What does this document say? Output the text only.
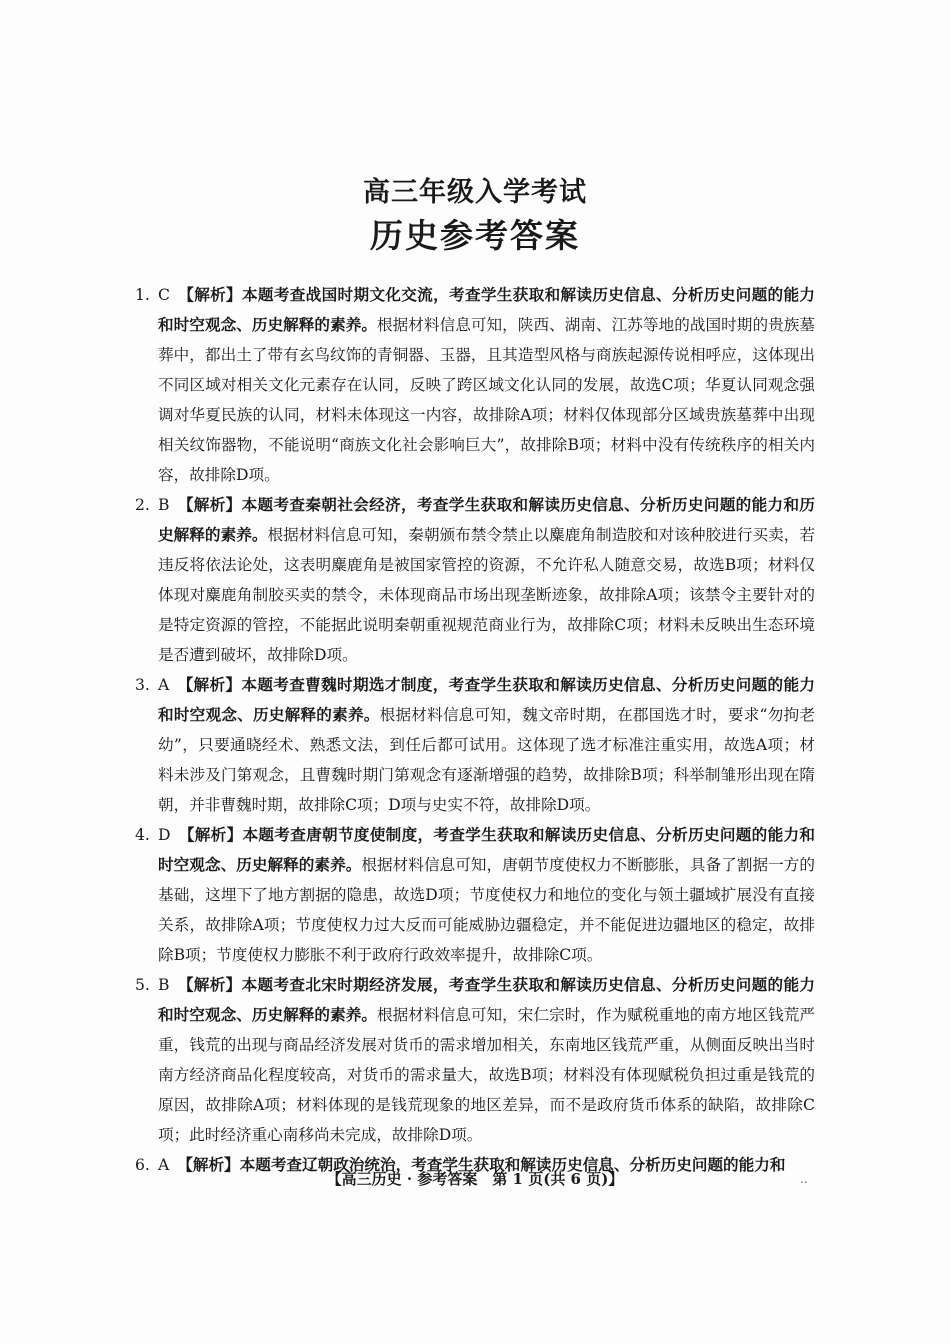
高三年级入学考试
历史参考答案
1. C 【解析】本题考查战国时期文化交流，考查学生获取和解读历史信息、分析历史问题的能力和时空观念、历史解释的素养。根据材料信息可知，陕西、湖南、江苏等地的战国时期的贵族墓葬中，都出土了带有玄鸟纹饰的青铜器、玉器，且其造型风格与商族起源传说相呼应，这体现出不同区域对相关文化元素存在认同，反映了跨区域文化认同的发展，故选C项；华夏认同观念强调对华夏民族的认同，材料未体现这一内容，故排除A项；材料仅体现部分区域贵族墓葬中出现相关纹饰器物，不能说明“商族文化社会影响巨大”，故排除B项；材料中没有传统秩序的相关内容，故排除D项。
2. B 【解析】本题考查秦朝社会经济，考查学生获取和解读历史信息、分析历史问题的能力和历史解释的素养。根据材料信息可知，秦朝颁布禁令禁止以麋鹿角制造胶和对该种胶进行买卖，若违反将依法论处，这表明麋鹿角是被国家管控的资源，不允许私人随意交易，故选B项；材料仅体现对麋鹿角制胶买卖的禁令，未体现商品市场出现垄断迹象，故排除A项；该禁令主要针对的是特定资源的管控，不能据此说明秦朝重视规范商业行为，故排除C项；材料未反映出生态环境是否遭到破坏，故排除D项。
3. A 【解析】本题考查曹魏时期选才制度，考查学生获取和解读历史信息、分析历史问题的能力和时空观念、历史解释的素养。根据材料信息可知，魏文帝时期，在郡国选才时，要求“勿拘老幼”，只要通晓经术、熟悉文法，到任后都可试用。这体现了选才标准注重实用，故选A项；材料未涉及门第观念，且曹魏时期门第观念有逐渐增强的趋势，故排除B项；科举制雏形出现在隋朝，并非曹魏时期，故排除C项；D项与史实不符，故排除D项。
4. D 【解析】本题考查唐朝节度使制度，考查学生获取和解读历史信息、分析历史问题的能力和时空观念、历史解释的素养。根据材料信息可知，唐朝节度使权力不断膨胀，具备了割据一方的基础，这埋下了地方割据的隐患，故选D项；节度使权力和地位的变化与领土疆域扩展没有直接关系，故排除A项；节度使权力过大反而可能威胁边疆稳定，并不能促进边疆地区的稳定，故排除B项；节度使权力膨胀不利于政府行政效率提升，故排除C项。
5. B 【解析】本题考查北宋时期经济发展，考查学生获取和解读历史信息、分析历史问题的能力和时空观念、历史解释的素养。根据材料信息可知，宋仁宗时，作为赋税重地的南方地区钱荒严重，钱荒的出现与商品经济发展对货币的需求增加相关，东南地区钱荒严重，从侧面反映出当时南方经济商品化程度较高，对货币的需求量大，故选B项；材料没有体现赋税负担过重是钱荒的原因，故排除A项；材料体现的是钱荒现象的地区差异，而不是政府货币体系的缺陷，故排除C项；此时经济重心南移尚未完成，故排除D项。
6. A 【解析】本题考查辽朝政治统治，考查学生获取和解读历史信息、分析历史问题的能力和
【高三历史 · 参考答案　第 1 页(共 6 页)】	..
